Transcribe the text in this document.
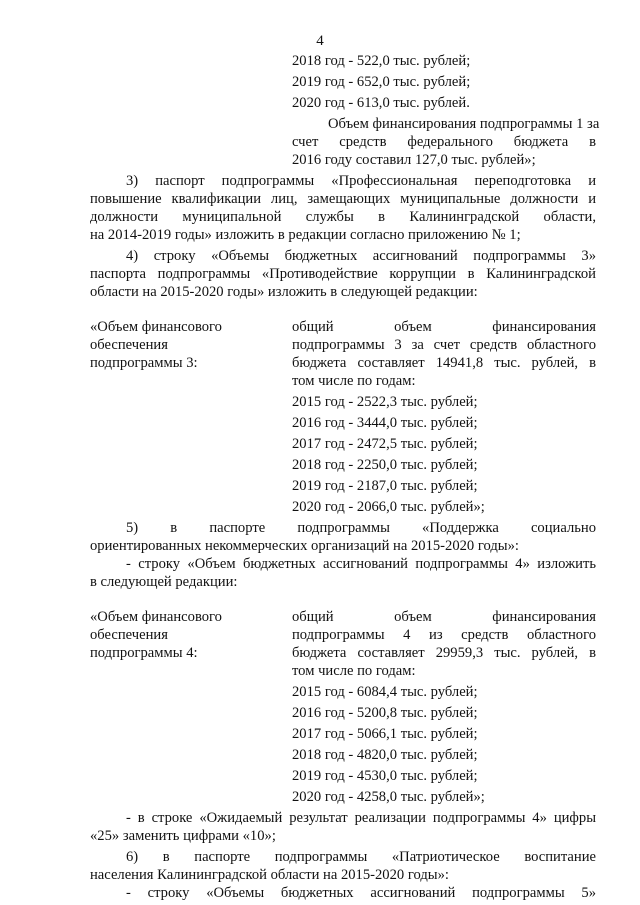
4
2018 год - 522,0 тыс. рублей;
2019 год - 652,0 тыс. рублей;
2020 год - 613,0 тыс. рублей.
Объем финансирования подпрограммы 1 за
счет средств федерального бюджета в
2016 году составил 127,0 тыс. рублей»;
3) паспорт подпрограммы «Профессиональная переподготовка и
повышение квалификации лиц, замещающих муниципальные должности и
должности муниципальной службы в Калининградской области,
на 2014-2019 годы» изложить в редакции согласно приложению № 1;
4) строку «Объемы бюджетных ассигнований подпрограммы 3»
паспорта подпрограммы «Противодействие коррупции в Калининградской
области на 2015-2020 годы» изложить в следующей редакции:
«Объем финансового
обеспечения
подпрограммы 3:
общий объем финансирования
подпрограммы 3 за счет средств областного
бюджета составляет 14941,8 тыс. рублей, в
том числе по годам:
2015 год - 2522,3 тыс. рублей;
2016 год - 3444,0 тыс. рублей;
2017 год - 2472,5 тыс. рублей;
2018 год - 2250,0 тыс. рублей;
2019 год - 2187,0 тыс. рублей;
2020 год - 2066,0 тыс. рублей»;
5) в паспорте подпрограммы «Поддержка социально
ориентированных некоммерческих организаций на 2015-2020 годы»:
- строку «Объем бюджетных ассигнований подпрограммы 4» изложить
в следующей редакции:
«Объем финансового
обеспечения
подпрограммы 4:
общий объем финансирования
подпрограммы 4 из средств областного
бюджета составляет 29959,3 тыс. рублей, в
том числе по годам:
2015 год - 6084,4 тыс. рублей;
2016 год - 5200,8 тыс. рублей;
2017 год - 5066,1 тыс. рублей;
2018 год - 4820,0 тыс. рублей;
2019 год - 4530,0 тыс. рублей;
2020 год - 4258,0 тыс. рублей»;
- в строке «Ожидаемый результат реализации подпрограммы 4» цифры
«25» заменить цифрами «10»;
6) в паспорте подпрограммы «Патриотическое воспитание
населения Калининградской области на 2015-2020 годы»:
- строку «Объемы бюджетных ассигнований подпрограммы 5»
